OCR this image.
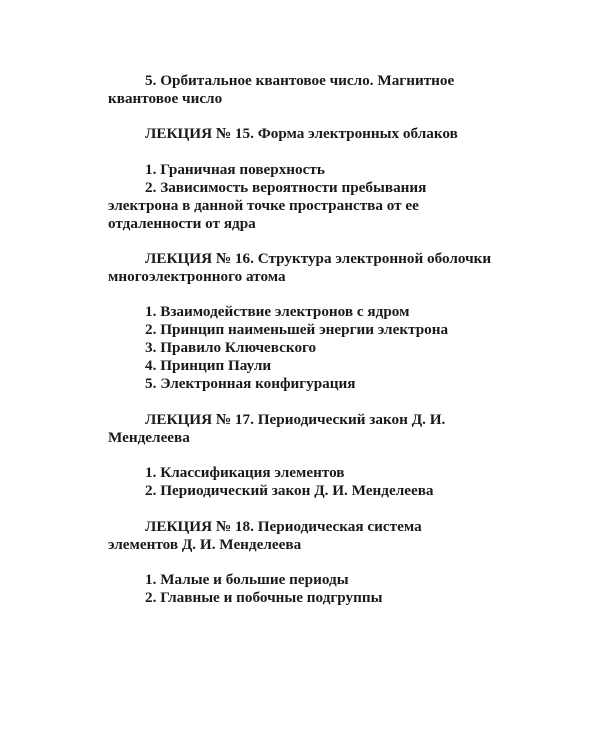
5. Орбитальное квантовое число. Магнитное
квантовое число
ЛЕКЦИЯ № 15. Форма электронных облаков
1. Граничная поверхность
2. Зависимость вероятности пребывания
электрона в данной точке пространства от ее
отдаленности от ядра
ЛЕКЦИЯ № 16. Структура электронной оболочки
многоэлектронного атома
1. Взаимодействие электронов с ядром
2. Принцип наименьшей энергии электрона
3. Правило Ключевского
4. Принцип Паули
5. Электронная конфигурация
ЛЕКЦИЯ № 17. Периодический закон Д. И.
Менделеева
1. Классификация элементов
2. Периодический закон Д. И. Менделеева
ЛЕКЦИЯ № 18. Периодическая система
элементов Д. И. Менделеева
1. Малые и большие периоды
2. Главные и побочные подгруппы
